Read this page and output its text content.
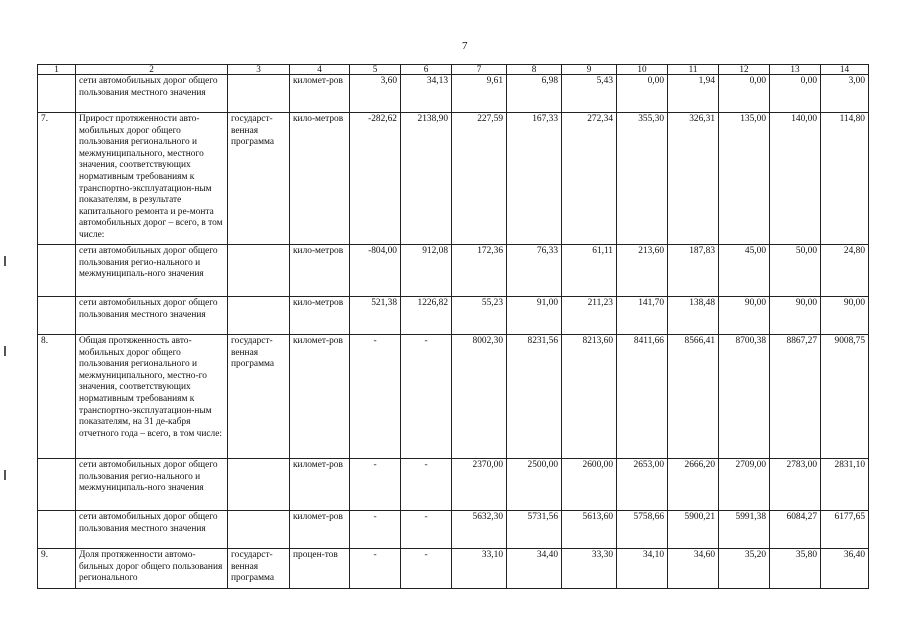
7
1	2	3	4	5	6	7	8	9	10	11	12	13	14
	сети автомобильных дорог общего пользования местного значения		километ-ров	3,60	34,13	9,61	6,98	5,43	0,00	1,94	0,00	0,00	3,00
7.	Прирост протяженности авто-мобильных дорог общего пользования регионального и межмуниципального, местного значения, соответствующих нормативным требованиям к транспортно-эксплуатацион-ным показателям, в результате капитального ремонта и ре-монта автомобильных дорог – всего, в том числе:	государст-венная программа	кило-метров	-282,62	2138,90	227,59	167,33	272,34	355,30	326,31	135,00	140,00	114,80
	сети автомобильных дорог общего пользования регио-нального и межмуниципаль-ного значения		кило-метров	-804,00	912,08	172,36	76,33	61,11	213,60	187,83	45,00	50,00	24,80
	сети автомобильных дорог общего пользования местного значения		кило-метров	521,38	1226,82	55,23	91,00	211,23	141,70	138,48	90,00	90,00	90,00
8.	Общая протяженность авто-мобильных дорог общего пользования регионального и межмуниципального, местно-го значения, соответствующих нормативным требованиям к транспортно-эксплуатацион-ным показателям, на 31 де-кабря отчетного года – всего, в том числе:	государст-венная программа	километ-ров	-	-	8002,30	8231,56	8213,60	8411,66	8566,41	8700,38	8867,27	9008,75
	сети автомобильных дорог общего пользования регио-нального и межмуниципаль-ного значения		километ-ров	-	-	2370,00	2500,00	2600,00	2653,00	2666,20	2709,00	2783,00	2831,10
	сети автомобильных дорог общего пользования местного значения		километ-ров	-	-	5632,30	5731,56	5613,60	5758,66	5900,21	5991,38	6084,27	6177,65
9.	Доля протяженности автомо-бильных дорог общего пользования регионального	государст-венная программа	процен-тов	-	-	33,10	34,40	33,30	34,10	34,60	35,20	35,80	36,40
